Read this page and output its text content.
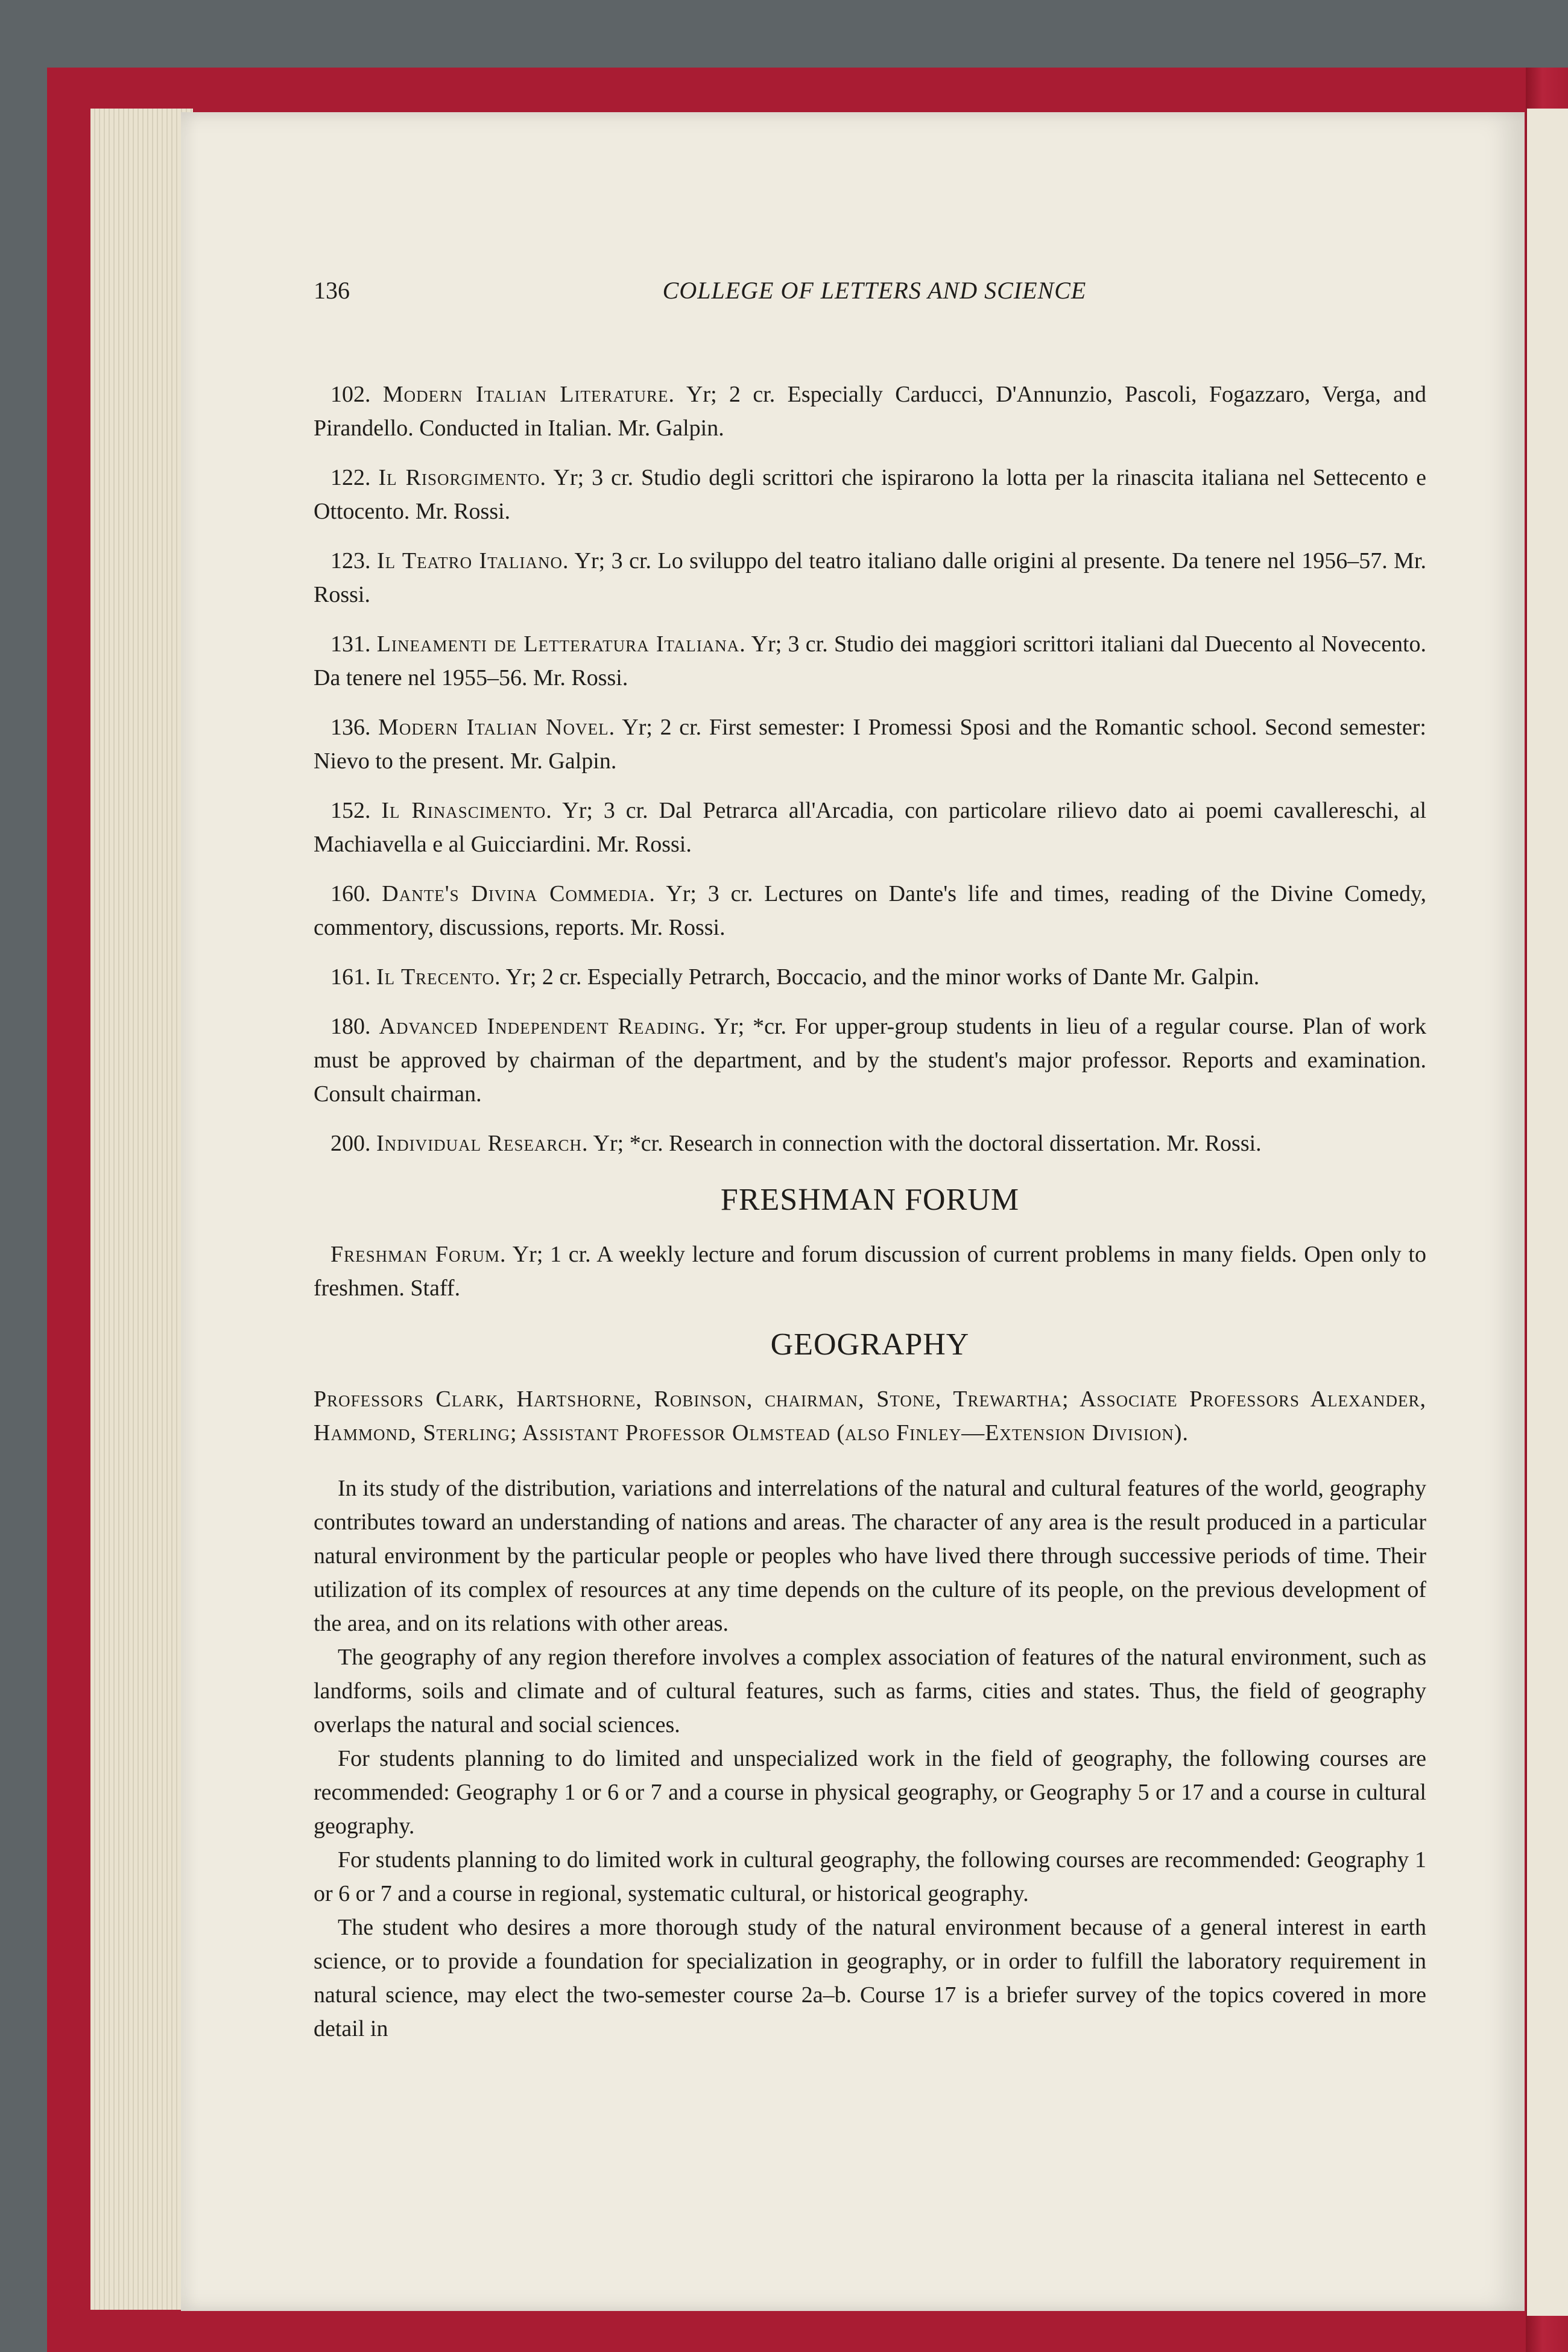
136	COLLEGE OF LETTERS AND SCIENCE

102. Modern Italian Literature. Yr; 2 cr. Especially Carducci, D'Annunzio, Pascoli, Fogazzaro, Verga, and Pirandello. Conducted in Italian. Mr. Galpin.

122. Il Risorgimento. Yr; 3 cr. Studio degli scrittori che ispirarono la lotta per la rinascita italiana nel Settecento e Ottocento. Mr. Rossi.

123. Il Teatro Italiano. Yr; 3 cr. Lo sviluppo del teatro italiano dalle origini al presente. Da tenere nel 1956–57. Mr. Rossi.

131. Lineamenti de Letteratura Italiana. Yr; 3 cr. Studio dei maggiori scrittori italiani dal Duecento al Novecento. Da tenere nel 1955–56. Mr. Rossi.

136. Modern Italian Novel. Yr; 2 cr. First semester: I Promessi Sposi and the Romantic school. Second semester: Nievo to the present. Mr. Galpin.

152. Il Rinascimento. Yr; 3 cr. Dal Petrarca all'Arcadia, con particolare rilievo dato ai poemi cavallereschi, al Machiavella e al Guicciardini. Mr. Rossi.

160. Dante's Divina Commedia. Yr; 3 cr. Lectures on Dante's life and times, reading of the Divine Comedy, commentory, discussions, reports. Mr. Rossi.

161. Il Trecento. Yr; 2 cr. Especially Petrarch, Boccacio, and the minor works of Dante Mr. Galpin.

180. Advanced Independent Reading. Yr; *cr. For upper-group students in lieu of a regular course. Plan of work must be approved by chairman of the department, and by the student's major professor. Reports and examination. Consult chairman.

200. Individual Research. Yr; *cr. Research in connection with the doctoral dissertation. Mr. Rossi.

FRESHMAN FORUM

Freshman Forum. Yr; 1 cr. A weekly lecture and forum discussion of current problems in many fields. Open only to freshmen. Staff.

GEOGRAPHY

Professors Clark, Hartshorne, Robinson, chairman, Stone, Trewartha; Associate Professors Alexander, Hammond, Sterling; Assistant Professor Olmstead (also Finley—Extension Division).

In its study of the distribution, variations and interrelations of the natural and cultural features of the world, geography contributes toward an understanding of nations and areas. The character of any area is the result produced in a particular natural environment by the particular people or peoples who have lived there through successive periods of time. Their utilization of its complex of resources at any time depends on the culture of its people, on the previous development of the area, and on its relations with other areas.

The geography of any region therefore involves a complex association of features of the natural environment, such as landforms, soils and climate and of cultural features, such as farms, cities and states. Thus, the field of geography overlaps the natural and social sciences.

For students planning to do limited and unspecialized work in the field of geography, the following courses are recommended: Geography 1 or 6 or 7 and a course in physical geography, or Geography 5 or 17 and a course in cultural geography.

For students planning to do limited work in cultural geography, the following courses are recommended: Geography 1 or 6 or 7 and a course in regional, systematic cultural, or historical geography.

The student who desires a more thorough study of the natural environment because of a general interest in earth science, or to provide a foundation for specialization in geography, or in order to fulfill the laboratory requirement in natural science, may elect the two-semester course 2a–b. Course 17 is a briefer survey of the topics covered in more detail in
